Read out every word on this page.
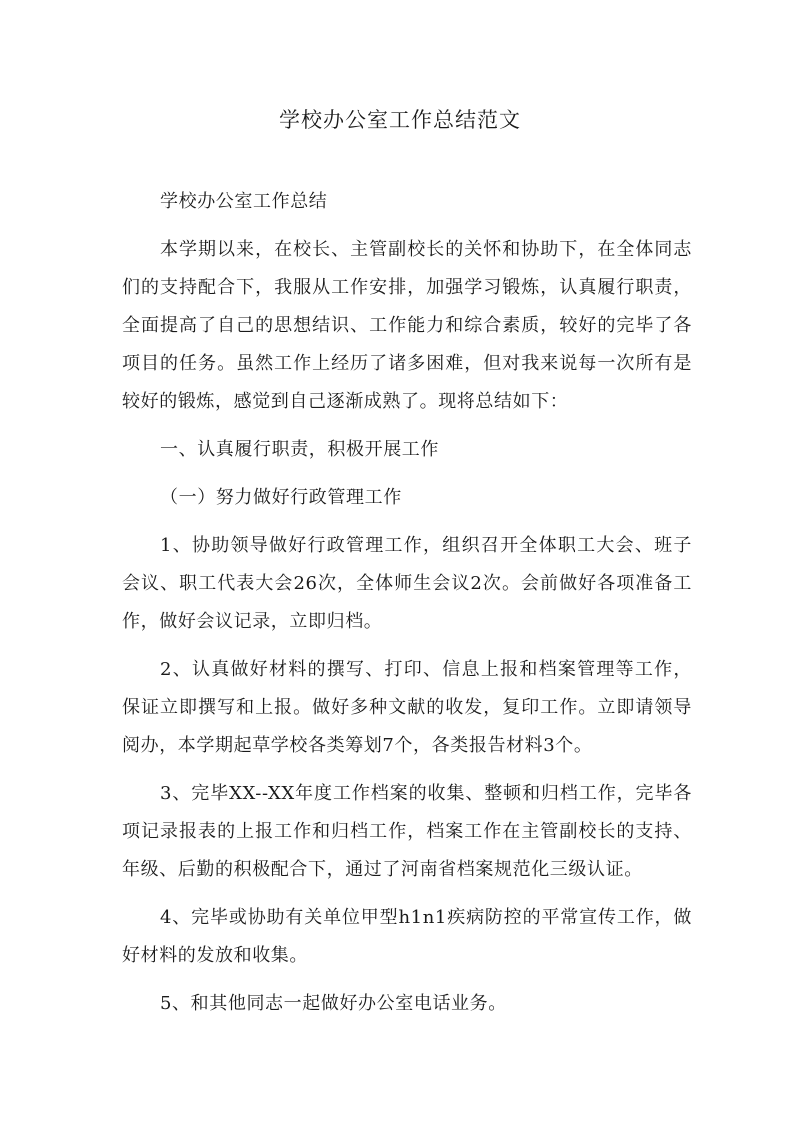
学校办公室工作总结范文

学校办公室工作总结

本学期以来，在校长、主管副校长的关怀和协助下，在全体同志们的支持配合下，我服从工作安排，加强学习锻炼，认真履行职责，全面提高了自己的思想结识、工作能力和综合素质，较好的完毕了各项目的任务。虽然工作上经历了诸多困难，但对我来说每一次所有是较好的锻炼，感觉到自己逐渐成熟了。现将总结如下：

一、认真履行职责，积极开展工作

（一）努力做好行政管理工作

1、协助领导做好行政管理工作，组织召开全体职工大会、班子会议、职工代表大会26次，全体师生会议2次。会前做好各项准备工作，做好会议记录，立即归档。

2、认真做好材料的撰写、打印、信息上报和档案管理等工作，保证立即撰写和上报。做好多种文献的收发，复印工作。立即请领导阅办，本学期起草学校各类筹划7个，各类报告材料3个。

3、完毕XX--XX年度工作档案的收集、整顿和归档工作，完毕各项记录报表的上报工作和归档工作，档案工作在主管副校长的支持、年级、后勤的积极配合下，通过了河南省档案规范化三级认证。

4、完毕或协助有关单位甲型h1n1疾病防控的平常宣传工作，做好材料的发放和收集。

5、和其他同志一起做好办公室电话业务。
